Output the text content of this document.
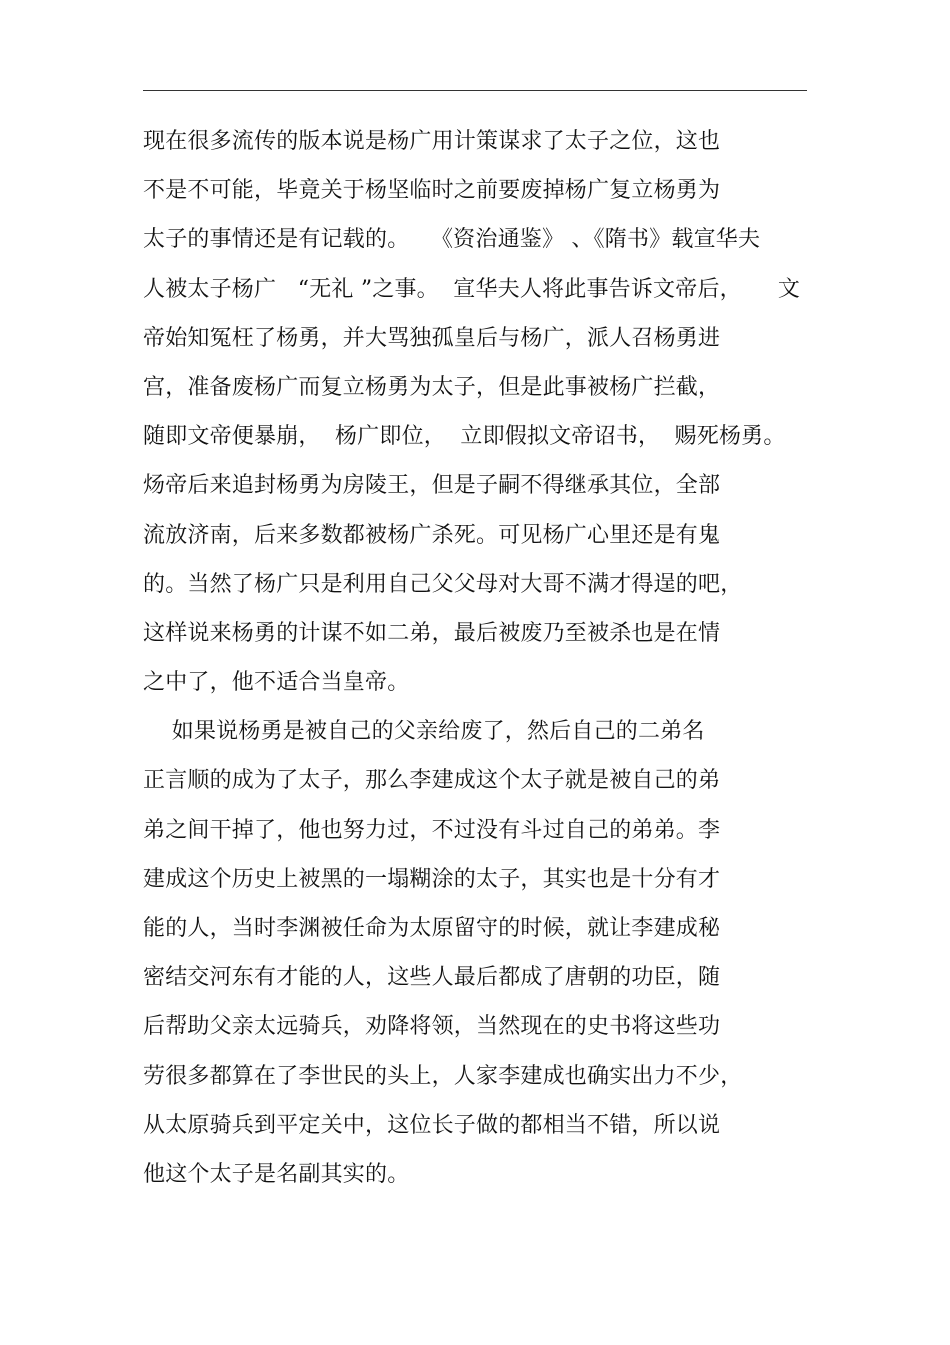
现在很多流传的版本说是杨广用计策谋求了太子之位，这也
不是不可能，毕竟关于杨坚临时之前要废掉杨广复立杨勇为
太子的事情还是有记载的。   《资治通鉴》 、《隋书》载宣华夫
人被太子杨广   “无礼 ”之事。  宣华夫人将此事告诉文帝后，     文
帝始知冤枉了杨勇，并大骂独孤皇后与杨广，派人召杨勇进
宫，准备废杨广而复立杨勇为太子，但是此事被杨广拦截，
随即文帝便暴崩，  杨广即位，  立即假拟文帝诏书，  赐死杨勇。
炀帝后来追封杨勇为房陵王，但是子嗣不得继承其位，全部
流放济南，后来多数都被杨广杀死。可见杨广心里还是有鬼
的。当然了杨广只是利用自己父父母对大哥不满才得逞的吧，
这样说来杨勇的计谋不如二弟，最后被废乃至被杀也是在情
之中了，他不适合当皇帝。
如果说杨勇是被自己的父亲给废了，然后自己的二弟名
正言顺的成为了太子，那么李建成这个太子就是被自己的弟
弟之间干掉了，他也努力过，不过没有斗过自己的弟弟。李
建成这个历史上被黑的一塌糊涂的太子，其实也是十分有才
能的人，当时李渊被任命为太原留守的时候，就让李建成秘
密结交河东有才能的人，这些人最后都成了唐朝的功臣，随
后帮助父亲太远骑兵，劝降将领，当然现在的史书将这些功
劳很多都算在了李世民的头上，人家李建成也确实出力不少，
从太原骑兵到平定关中，这位长子做的都相当不错，所以说
他这个太子是名副其实的。
